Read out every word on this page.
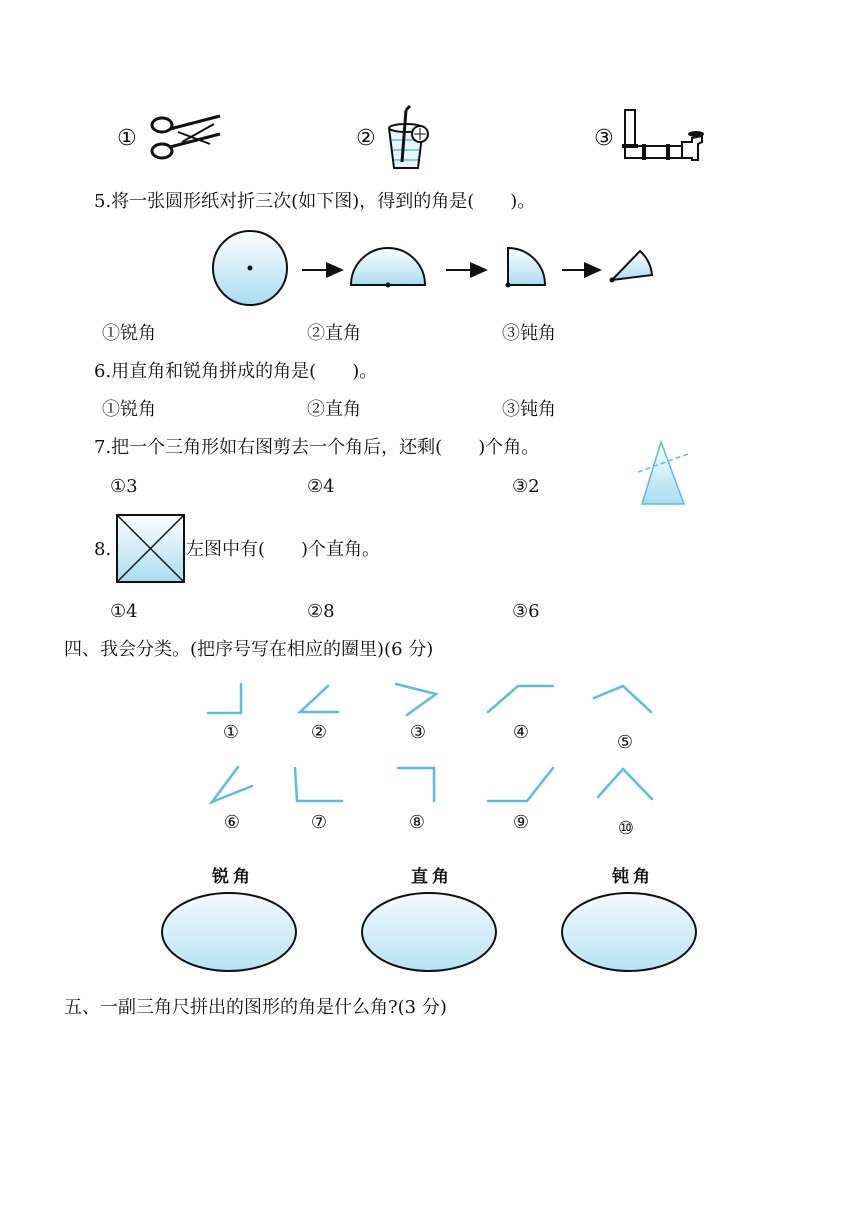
①	②	③
5.将一张圆形纸对折三次(如下图)，得到的角是(　　)。
①锐角	②直角	③钝角
6.用直角和锐角拼成的角是(　　)。
①锐角	②直角	③钝角
7.把一个三角形如右图剪去一个角后，还剩(　　)个角。
①3	②4	③2
8.	左图中有(　　)个直角。
①4	②8	③6
四、我会分类。(把序号写在相应的圈里)(6 分)
①	②	③	④	⑤
⑥	⑦	⑧	⑨	⑩
锐角	直角	钝角
五、一副三角尺拼出的图形的角是什么角?(3 分)
